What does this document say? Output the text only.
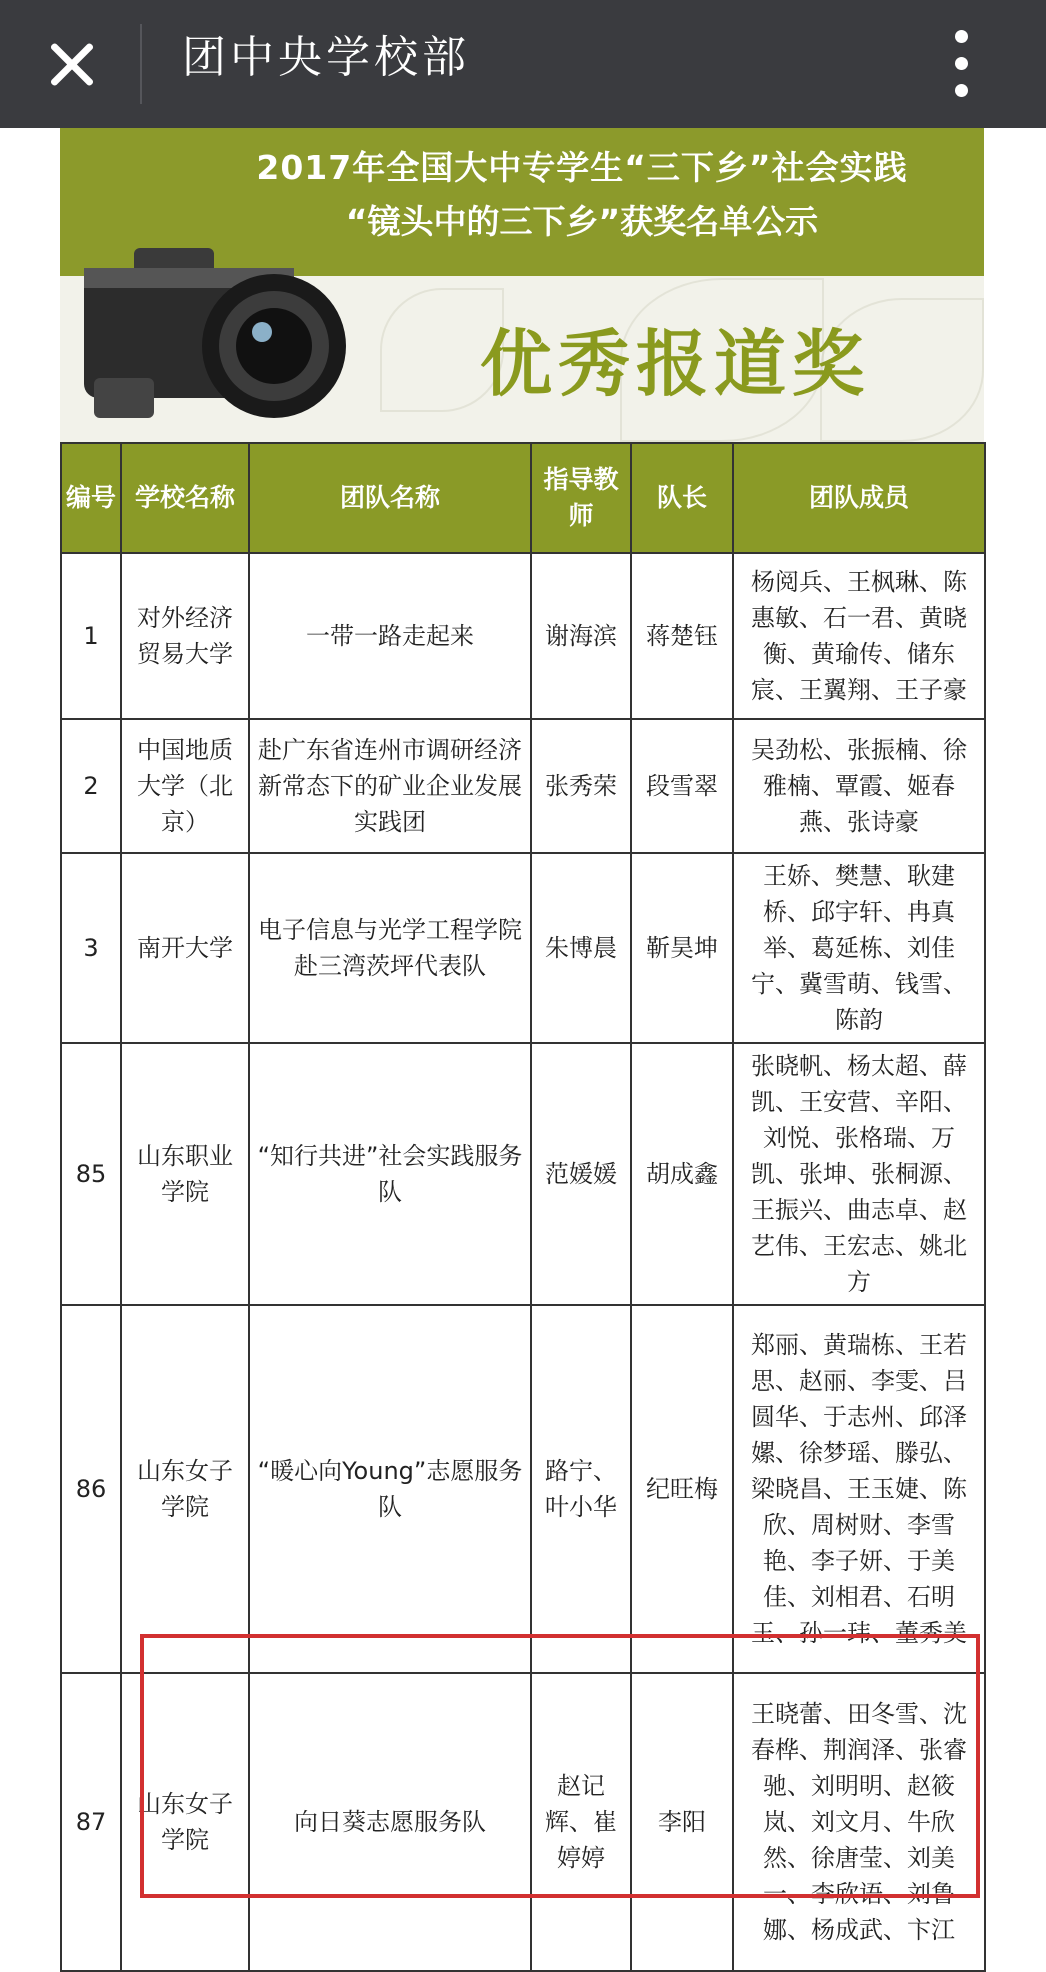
团中央学校部
2017年全国大中专学生“三下乡”社会实践
“镜头中的三下乡”获奖名单公示
优秀报道奖
编号	学校名称	团队名称	指导教师	队长	团队成员
1	对外经济贸易大学	一带一路走起来	谢海滨	蒋楚钰	杨阅兵、王枫琳、陈惠敏、石一君、黄晓衡、黄瑜传、储东宸、王翼翔、王子豪
2	中国地质大学（北京）	赴广东省连州市调研经济新常态下的矿业企业发展实践团	张秀荣	段雪翠	吴劲松、张振楠、徐雅楠、覃霞、姬春燕、张诗豪
3	南开大学	电子信息与光学工程学院赴三湾茨坪代表队	朱博晨	靳昊坤	王娇、樊慧、耿建桥、邱宇轩、冉真举、葛延栋、刘佳宁、冀雪萌、钱雪、陈韵
85	山东职业学院	“知行共进”社会实践服务队	范媛媛	胡成鑫	张晓帆、杨太超、薛凯、王安营、辛阳、刘悦、张格瑞、万凯、张坤、张桐源、王振兴、曲志卓、赵艺伟、王宏志、姚北方
86	山东女子学院	“暖心向Young”志愿服务队	路宁、叶小华	纪旺梅	郑丽、黄瑞栋、王若思、赵丽、李雯、吕圆华、于志州、邱泽嫘、徐梦瑶、滕弘、梁晓昌、王玉婕、陈欣、周树财、李雪艳、李子妍、于美佳、刘相君、石明玉、孙一玮、董秀美
87	山东女子学院	向日葵志愿服务队	赵记辉、崔婷婷	李阳	王晓蕾、田冬雪、沈春桦、荆润泽、张睿驰、刘明明、赵筱岚、刘文月、牛欣然、徐唐莹、刘美一、李欣语、刘鲁娜、杨成武、卞江
